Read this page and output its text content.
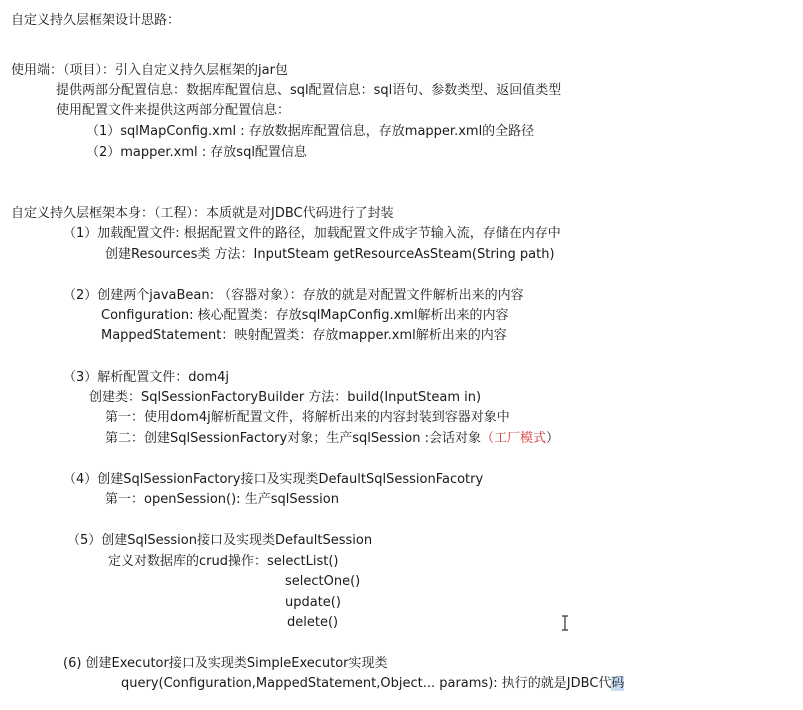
自定义持久层框架设计思路：
使用端：（项目）：引入自定义持久层框架的jar包
提供两部分配置信息：数据库配置信息、sql配置信息：sql语句、参数类型、返回值类型
使用配置文件来提供这两部分配置信息：
（1）sqlMapConfig.xml : 存放数据库配置信息，存放mapper.xml的全路径
（2）mapper.xml : 存放sql配置信息
自定义持久层框架本身：（工程）：本质就是对JDBC代码进行了封装
（1）加载配置文件: 根据配置文件的路径，加载配置文件成字节输入流，存储在内存中
创建Resources类 方法：InputSteam getResourceAsSteam(String path)
（2）创建两个javaBean: （容器对象）：存放的就是对配置文件解析出来的内容
Configuration: 核心配置类：存放sqlMapConfig.xml解析出来的内容
MappedStatement：映射配置类：存放mapper.xml解析出来的内容
（3）解析配置文件：dom4j
创建类：SqlSessionFactoryBuilder 方法：build(InputSteam in)
第一：使用dom4j解析配置文件，将解析出来的内容封装到容器对象中
第二：创建SqlSessionFactory对象；生产sqlSession :会话对象（工厂模式）
（4）创建SqlSessionFactory接口及实现类DefaultSqlSessionFacotry
第一：openSession(): 生产sqlSession
（5）创建SqlSession接口及实现类DefaultSession
定义对数据库的crud操作：selectList()
selectOne()
update()
delete()
(6) 创建Executor接口及实现类SimpleExecutor实现类
query(Configuration,MappedStatement,Object... params): 执行的就是JDBC代码
